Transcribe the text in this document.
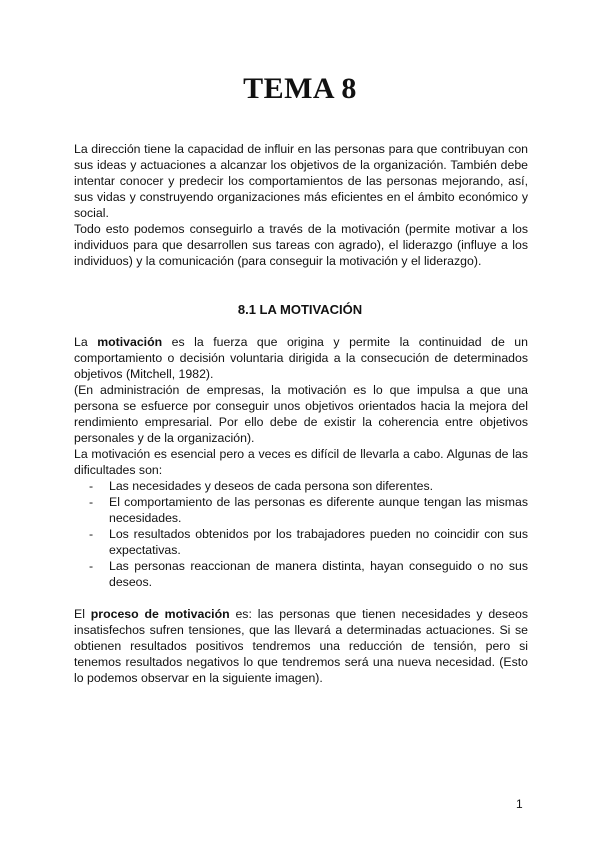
TEMA 8

La dirección tiene la capacidad de influir en las personas para que contribuyan con sus ideas y actuaciones a alcanzar los objetivos de la organización. También debe intentar conocer y predecir los comportamientos de las personas mejorando, así, sus vidas y construyendo organizaciones más eficientes en el ámbito económico y social.

Todo esto podemos conseguirlo a través de la motivación (permite motivar a los individuos para que desarrollen sus tareas con agrado), el liderazgo (influye a los individuos) y la comunicación (para conseguir la motivación y el liderazgo).

8.1 LA MOTIVACIÓN

La motivación es la fuerza que origina y permite la continuidad de un comportamiento o decisión voluntaria dirigida a la consecución de determinados objetivos (Mitchell, 1982).

(En administración de empresas, la motivación es lo que impulsa a que una persona se esfuerce por conseguir unos objetivos orientados hacia la mejora del rendimiento empresarial. Por ello debe de existir la coherencia entre objetivos personales y de la organización).

La motivación es esencial pero a veces es difícil de llevarla a cabo. Algunas de las dificultades son:

- Las necesidades y deseos de cada persona son diferentes.
- El comportamiento de las personas es diferente aunque tengan las mismas necesidades.
- Los resultados obtenidos por los trabajadores pueden no coincidir con sus expectativas.
- Las personas reaccionan de manera distinta, hayan conseguido o no sus deseos.

El proceso de motivación es: las personas que tienen necesidades y deseos insatisfechos sufren tensiones, que las llevará a determinadas actuaciones. Si se obtienen resultados positivos tendremos una reducción de tensión, pero si tenemos resultados negativos lo que tendremos será una nueva necesidad. (Esto lo podemos observar en la siguiente imagen).

1
